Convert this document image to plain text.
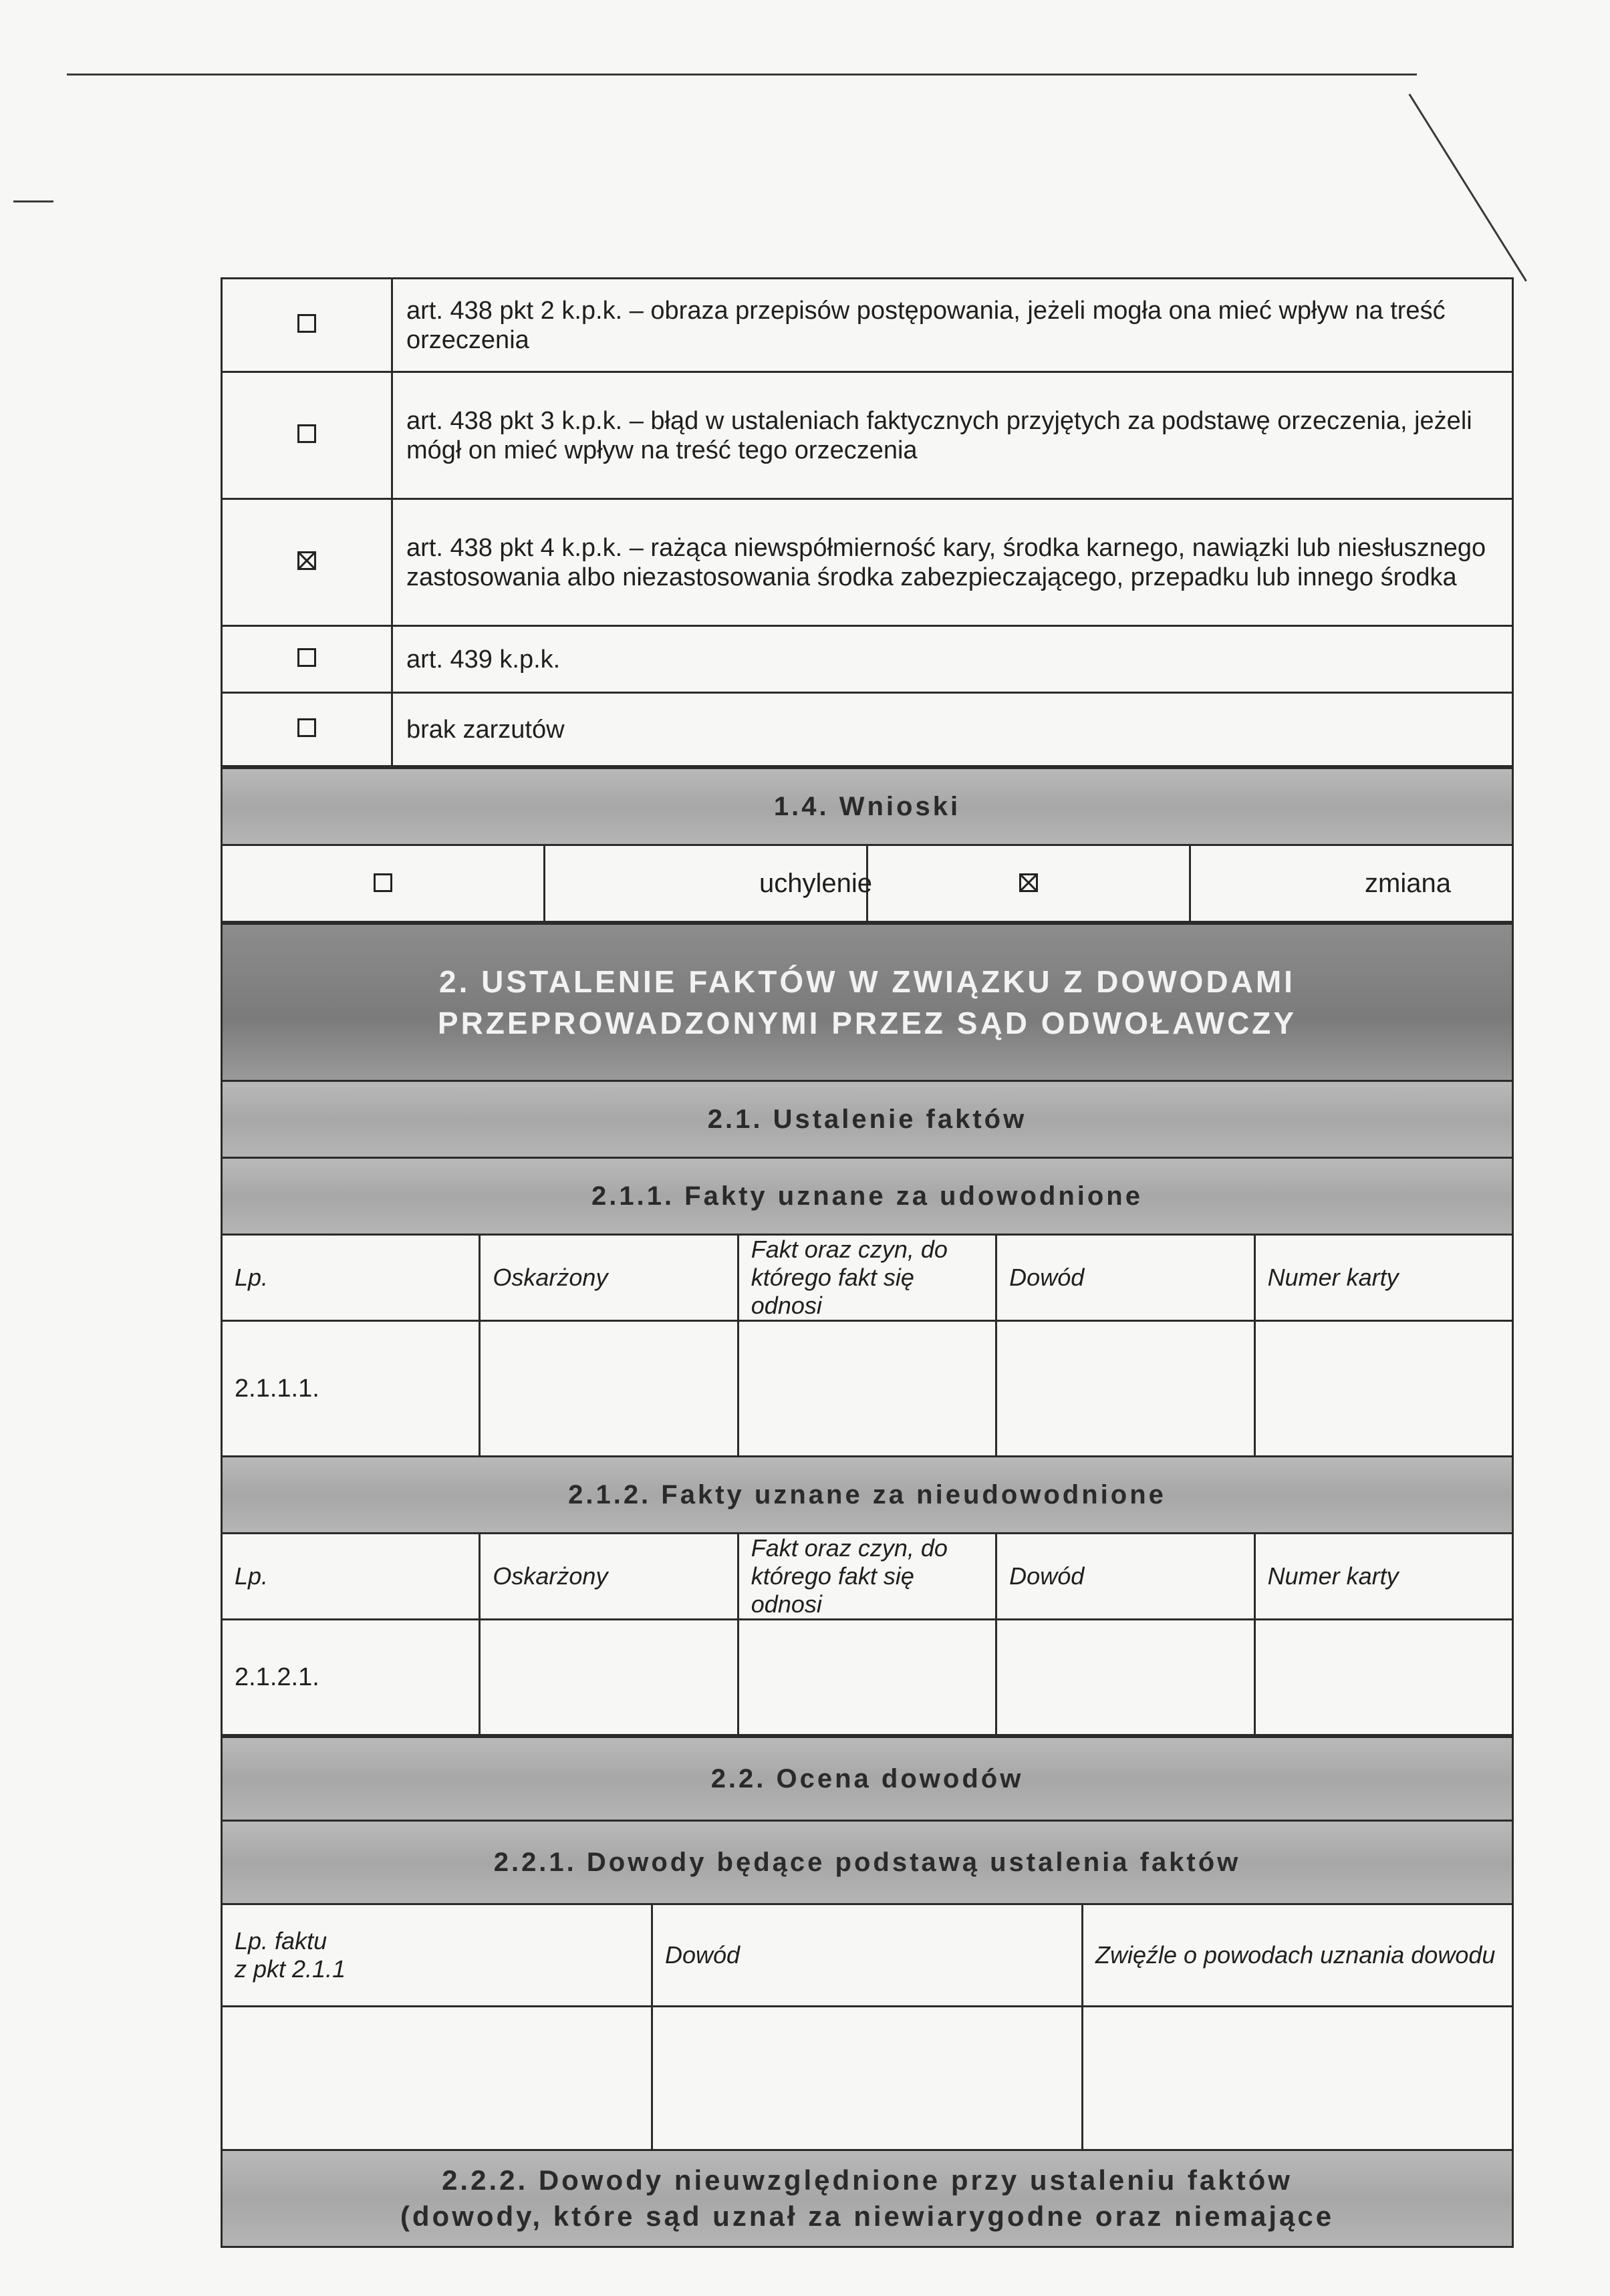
	art. 438 pkt 2 k.p.k. – obraza przepisów postępowania, jeżeli mogła ona mieć wpływ na treść orzeczenia
	art. 438 pkt 3 k.p.k. – błąd w ustaleniach faktycznych przyjętych za podstawę orzeczenia, jeżeli mógł on mieć wpływ na treść tego orzeczenia
	art. 438 pkt 4 k.p.k. – rażąca niewspółmierność kary, środka karnego, nawiązki lub niesłusznego zastosowania albo niezastosowania środka zabezpieczającego, przepadku lub innego środka
	art. 439 k.p.k.
	brak zarzutów
1.4. Wnioski
	uchylenie		zmiana
2. USTALENIE FAKTÓW W ZWIĄZKU Z DOWODAMI
PRZEPROWADZONYMI PRZEZ SĄD ODWOŁAWCZY				

2.1. Ustalenie faktów				
2.1.1. Fakty uznane za udowodnione				
Lp.	Oskarżony	Fakt oraz czyn, do którego fakt się odnosi	Dowód	Numer karty
2.1.1.1.				
2.1.2. Fakty uznane za nieudowodnione				
Lp.	Oskarżony	Fakt oraz czyn, do którego fakt się odnosi	Dowód	Numer karty
2.1.2.1.				
2.2. Ocena dowodów		
2.2.1. Dowody będące podstawą ustalenia faktów		

Lp. faktu
z pkt 2.1.1	Dowód	Zwięźle o powodach uznania dowodu

2.2.2. Dowody nieuwzględnione przy ustaleniu faktów
(dowody, które sąd uznał za niewiarygodne oraz niemające		
